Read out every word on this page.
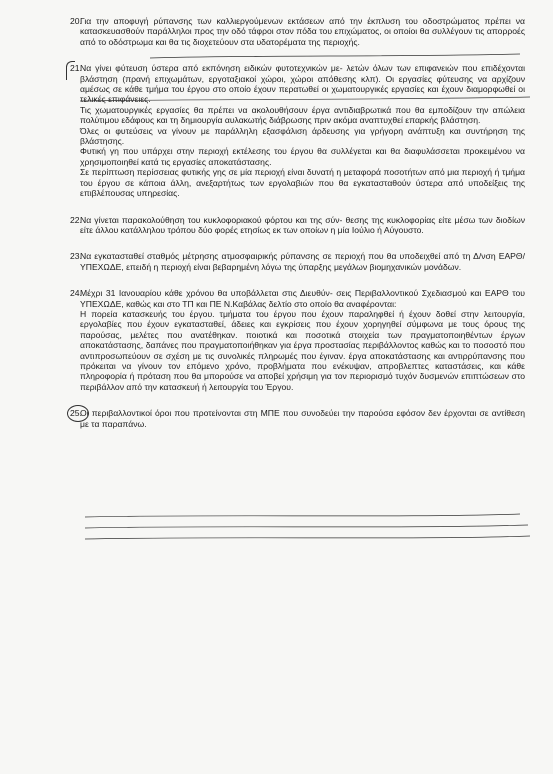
20.

Για την αποφυγή ρύπανσης των καλλιεργούμενων εκτάσεων από την έκπλυση του οδοστρώματος πρέπει να κατασκευασθούν παράλληλοι προς την οδό τάφροι στον πόδα του επιχώματος, οι οποίοι θα συλλέγουν τις απορροές από το οδόστρωμα και θα τις διοχετεύουν στα υδατορέματα της περιοχής.

21.

Να γίνει φύτευση ύστερα από εκπόνηση ειδικών φυτοτεχνικών με- λετών όλων των επιφανειών που επιδέχονται βλάστηση (πρανή επιχωμάτων, εργοταξιακοί χώροι, χώροι απόθεσης κλπ). Οι εργασίες φύτευσης να αρχίζουν αμέσως σε κάθε τμήμα του έργου στο οποίο έχουν περατωθεί οι χωματουργικές εργασίες και έχουν διαμορφωθεί οι τελικές επιφάνειες.

Τις χωματουργικές εργασίες θα πρέπει να ακολουθήσουν έργα αντιδιαβρωτικά που θα εμποδίζουν την απώλεια πολύτιμου εδάφους και τη δημιουργία αυλακωτής διάβρωσης πριν ακόμα αναπτυχθεί επαρκής βλάστηση.

Όλες οι φυτεύσεις να γίνουν με παράλληλη εξασφάλιση άρδευσης για γρήγορη ανάπτυξη και συντήρηση της βλάστησης.

Φυτική γη που υπάρχει στην περιοχή εκτέλεσης του έργου θα συλλέγεται και θα διαφυλάσσεται προκειμένου να χρησιμοποιηθεί κατά τις εργασίες αποκατάστασης.

Σε περίπτωση περίσσειας φυτικής γης σε μία περιοχή είναι δυνατή η μεταφορά ποσοτήτων από μια περιοχή ή τμήμα του έργου σε κάποια άλλη, ανεξαρτήτως των εργολαβιών που θα εγκατασταθούν ύστερα από υποδείξεις της επιβλέπουσας υπηρεσίας.

22.

Να γίνεται παρακολούθηση του κυκλοφοριακού φόρτου και της σύν- θεσης της κυκλοφορίας είτε μέσω των διοδίων είτε άλλου κατάλληλου τρόπου δύο φορές ετησίως εκ των οποίων η μία Ιούλιο ή Αύγουστο.

23.

Να εγκατασταθεί σταθμός μέτρησης ατμοσφαιρικής ρύπανσης σε περιοχή που θα υποδειχθεί από τη Δ/νση ΕΑΡΘ/ΥΠΕΧΩΔΕ, επειδή η περιοχή είναι βεβαρημένη λόγω της ύπαρξης μεγάλων βιομηχανικών μονάδων.

24.

Μέχρι 31 Ιανουαρίου κάθε χρόνου θα υποβάλλεται στις Διευθύν- σεις Περιβαλλοντικού Σχεδιασμού και ΕΑΡΘ του ΥΠΕΧΩΔΕ, καθώς και στο ΤΠ και ΠΕ Ν.Καβάλας δελτίο στο οποίο θα αναφέρονται:

Η πορεία κατασκευής του έργου. τμήματα του έργου που έχουν παραληφθεί ή έχουν δοθεί στην λειτουργία, εργολαβίες που έχουν εγκατασταθεί, άδειες και εγκρίσεις που έχουν χορηγηθεί σύμφωνα με τους όρους της παρούσας, μελέτες που ανατέθηκαν. ποιοτικά και ποσοτικά στοιχεία των πραγματοποιηθέντων έργων αποκατάστασης, δαπάνες που πραγματοποιήθηκαν για έργα προστασίας περιβάλλοντος καθώς και το ποσοστό που αντιπροσωπεύουν σε σχέση με τις συνολικές πληρωμές που έγιναν. έργα αποκατάστασης και αντιρρύπανσης που πρόκειται να γίνουν τον επόμενο χρόνο, προβλήματα που ενέκυψαν, απροβλεπτες καταστάσεις, και κάθε πληροφορία ή πρόταση που θα μπορούσε να αποβεί χρήσιμη για τον περιορισμό τυχόν δυσμενών επιπτώσεων στο περιβάλλον από την κατασκευή ή λειτουργία του Έργου.

25.

Οι περιβαλλοντικοί όροι που προτείνονται στη ΜΠΕ που συνοδεύει την παρούσα εφόσον δεν έρχονται σε αντίθεση με τα παραπάνω.
